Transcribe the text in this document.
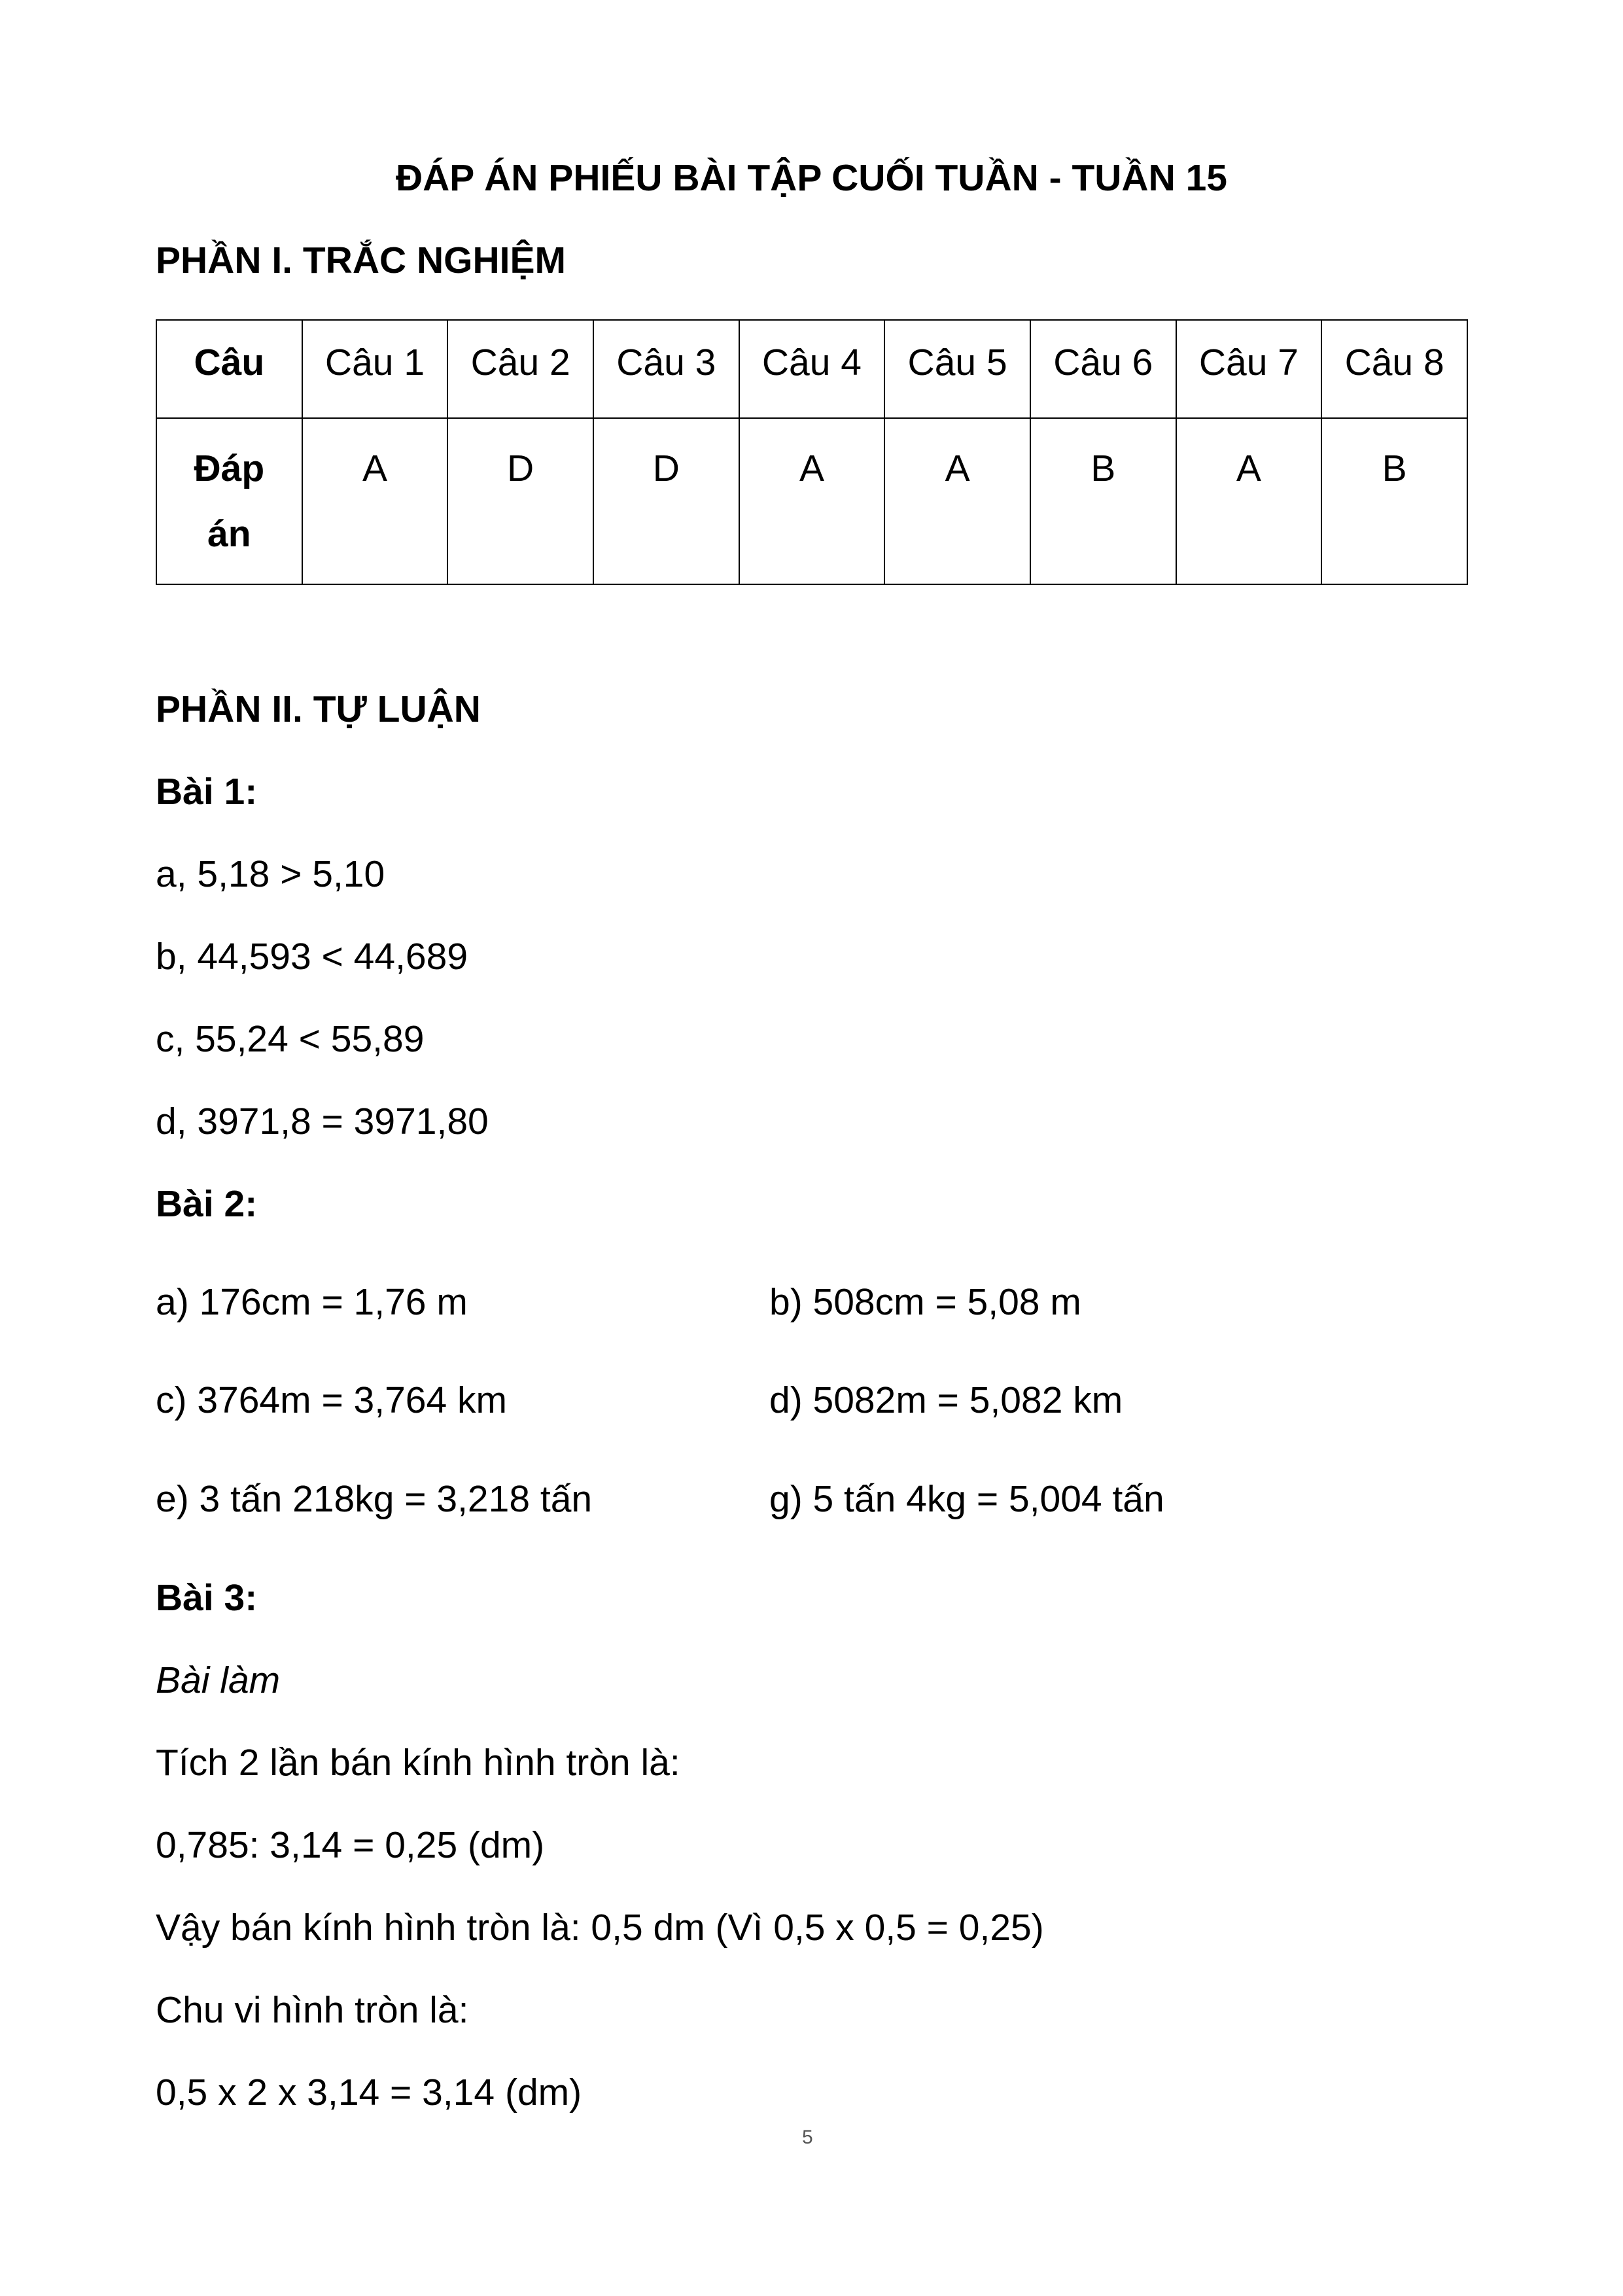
ĐÁP ÁN PHIẾU BÀI TẬP CUỐI TUẦN - TUẦN 15
PHẦN I. TRẮC NGHIỆM
Câu	Câu 1	Câu 2	Câu 3	Câu 4	Câu 5	Câu 6	Câu 7	Câu 8
Đáp án	A	D	D	A	A	B	A	B
PHẦN II. TỰ LUẬN
Bài 1:
a, 5,18 > 5,10
b, 44,593 < 44,689
c, 55,24 < 55,89
d, 3971,8 = 3971,80
Bài 2:
a) 176cm = 1,76 m	b) 508cm = 5,08 m
c) 3764m = 3,764 km	d) 5082m = 5,082 km
e) 3 tấn 218kg = 3,218 tấn	g) 5 tấn 4kg = 5,004 tấn
Bài 3:
Bài làm
Tích 2 lần bán kính hình tròn là:
0,785: 3,14 = 0,25 (dm)
Vậy bán kính hình tròn là: 0,5 dm (Vì 0,5 x 0,5 = 0,25)
Chu vi hình tròn là:
0,5 x 2 x 3,14 = 3,14 (dm)
5
